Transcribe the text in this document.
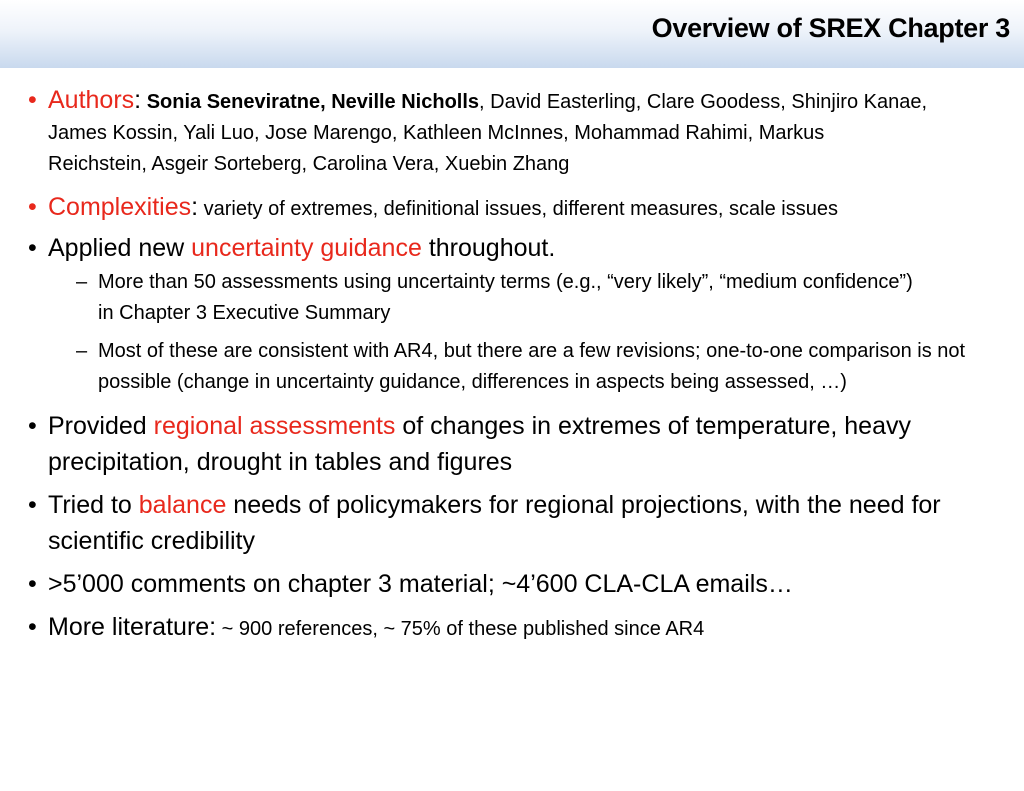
Overview of SREX Chapter 3
• Authors: Sonia Seneviratne, Neville Nicholls, David Easterling, Clare Goodess, Shinjiro Kanae, James Kossin, Yali Luo, Jose Marengo, Kathleen McInnes, Mohammad Rahimi, Markus Reichstein, Asgeir Sorteberg, Carolina Vera, Xuebin Zhang
• Complexities: variety of extremes, definitional issues, different measures, scale issues
• Applied new uncertainty guidance throughout.
– More than 50 assessments using uncertainty terms (e.g., “very likely”, “medium confidence”) in Chapter 3 Executive Summary
– Most of these are consistent with AR4, but there are a few revisions; one-to-one comparison is not possible (change in uncertainty guidance, differences in aspects being assessed, …)
• Provided regional assessments of changes in extremes of temperature, heavy precipitation, drought in tables and figures
• Tried to balance needs of policymakers for regional projections, with the need for scientific credibility
• >5’000 comments on chapter 3 material; ~4’600 CLA-CLA emails…
• More literature: ~ 900 references, ~ 75% of these published since AR4
